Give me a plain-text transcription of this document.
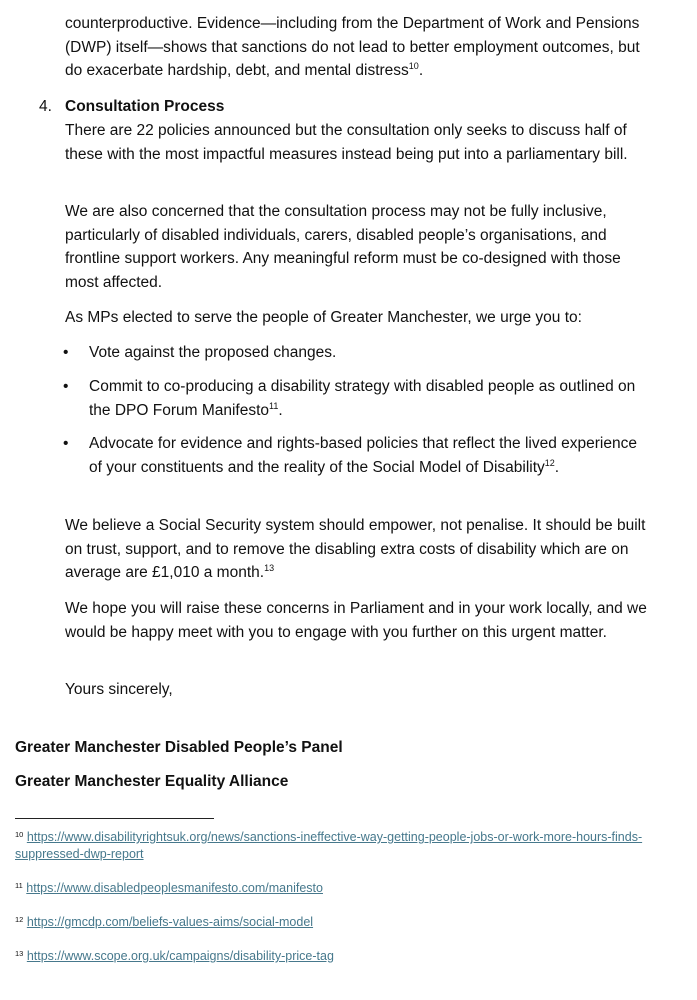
counterproductive. Evidence—including from the Department of Work and Pensions (DWP) itself—shows that sanctions do not lead to better employment outcomes, but do exacerbate hardship, debt, and mental distress$^{10}$.

4. Consultation Process

There are 22 policies announced but the consultation only seeks to discuss half of these with the most impactful measures instead being put into a parliamentary bill.

We are also concerned that the consultation process may not be fully inclusive, particularly of disabled individuals, carers, disabled people’s organisations, and frontline support workers. Any meaningful reform must be co-designed with those most affected.

As MPs elected to serve the people of Greater Manchester, we urge you to:

• Vote against the proposed changes.

• Commit to co-producing a disability strategy with disabled people as outlined on the DPO Forum Manifesto$^{11}$.

• Advocate for evidence and rights-based policies that reflect the lived experience of your constituents and the reality of the Social Model of Disability$^{12}$.

We believe a Social Security system should empower, not penalise. It should be built on trust, support, and to remove the disabling extra costs of disability which are on average are £1,010 a month.$^{13}$

We hope you will raise these concerns in Parliament and in your work locally, and we would be happy meet with you to engage with you further on this urgent matter.

Yours sincerely,

Greater Manchester Disabled People’s Panel
Greater Manchester Equality Alliance
$^{10}$ https://www.disabilityrightsuk.org/news/sanctions-ineffective-way-getting-people-jobs-or-work-more-hours-finds-suppressed-dwp-report
$^{11}$ https://www.disabledpeoplesmanifesto.com/manifesto
$^{12}$ https://gmcdp.com/beliefs-values-aims/social-model
$^{13}$ https://www.scope.org.uk/campaigns/disability-price-tag
